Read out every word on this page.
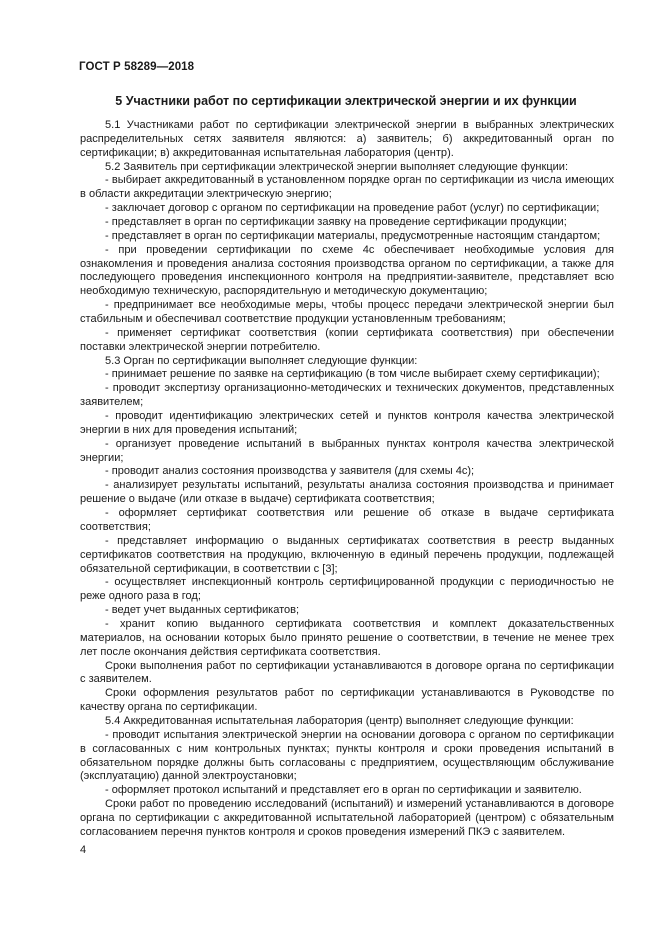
ГОСТ Р 58289—2018
5 Участники работ по сертификации электрической энергии и их функции

5.1 Участниками работ по сертификации электрической энергии в выбранных электрических распределительных сетях заявителя являются: а) заявитель; б) аккредитованный орган по сертификации; в) аккредитованная испытательная лаборатория (центр).

5.2 Заявитель при сертификации электрической энергии выполняет следующие функции:

- выбирает аккредитованный в установленном порядке орган по сертификации из числа имеющих в области аккредитации электрическую энергию;

- заключает договор с органом по сертификации на проведение работ (услуг) по сертификации;

- представляет в орган по сертификации заявку на проведение сертификации продукции;

- представляет в орган по сертификации материалы, предусмотренные настоящим стандартом;

- при проведении сертификации по схеме 4с обеспечивает необходимые условия для ознакомления и проведения анализа состояния производства органом по сертификации, а также для последующего проведения инспекционного контроля на предприятии-заявителе, представляет всю необходимую техническую, распорядительную и методическую документацию;

- предпринимает все необходимые меры, чтобы процесс передачи электрической энергии был стабильным и обеспечивал соответствие продукции установленным требованиям;

- применяет сертификат соответствия (копии сертификата соответствия) при обеспечении поставки электрической энергии потребителю.

5.3 Орган по сертификации выполняет следующие функции:

- принимает решение по заявке на сертификацию (в том числе выбирает схему сертификации);

- проводит экспертизу организационно-методических и технических документов, представленных заявителем;

- проводит идентификацию электрических сетей и пунктов контроля качества электрической энергии в них для проведения испытаний;

- организует проведение испытаний в выбранных пунктах контроля качества электрической энергии;

- проводит анализ состояния производства у заявителя (для схемы 4с);

- анализирует результаты испытаний, результаты анализа состояния производства и принимает решение о выдаче (или отказе в выдаче) сертификата соответствия;

- оформляет сертификат соответствия или решение об отказе в выдаче сертификата соответствия;

- представляет информацию о выданных сертификатах соответствия в реестр выданных сертификатов соответствия на продукцию, включенную в единый перечень продукции, подлежащей обязательной сертификации, в соответствии с [3];

- осуществляет инспекционный контроль сертифицированной продукции с периодичностью не реже одного раза в год;

- ведет учет выданных сертификатов;

- хранит копию выданного сертификата соответствия и комплект доказательственных материалов, на основании которых было принято решение о соответствии, в течение не менее трех лет после окончания действия сертификата соответствия.

Сроки выполнения работ по сертификации устанавливаются в договоре органа по сертификации с заявителем.

Сроки оформления результатов работ по сертификации устанавливаются в Руководстве по качеству органа по сертификации.

5.4 Аккредитованная испытательная лаборатория (центр) выполняет следующие функции:

- проводит испытания электрической энергии на основании договора с органом по сертификации в согласованных с ним контрольных пунктах; пункты контроля и сроки проведения испытаний в обязательном порядке должны быть согласованы с предприятием, осуществляющим обслуживание (эксплуатацию) данной электроустановки;

- оформляет протокол испытаний и представляет его в орган по сертификации и заявителю.

Сроки работ по проведению исследований (испытаний) и измерений устанавливаются в договоре органа по сертификации с аккредитованной испытательной лабораторией (центром) с обязательным согласованием перечня пунктов контроля и сроков проведения измерений ПКЭ с заявителем.

4
